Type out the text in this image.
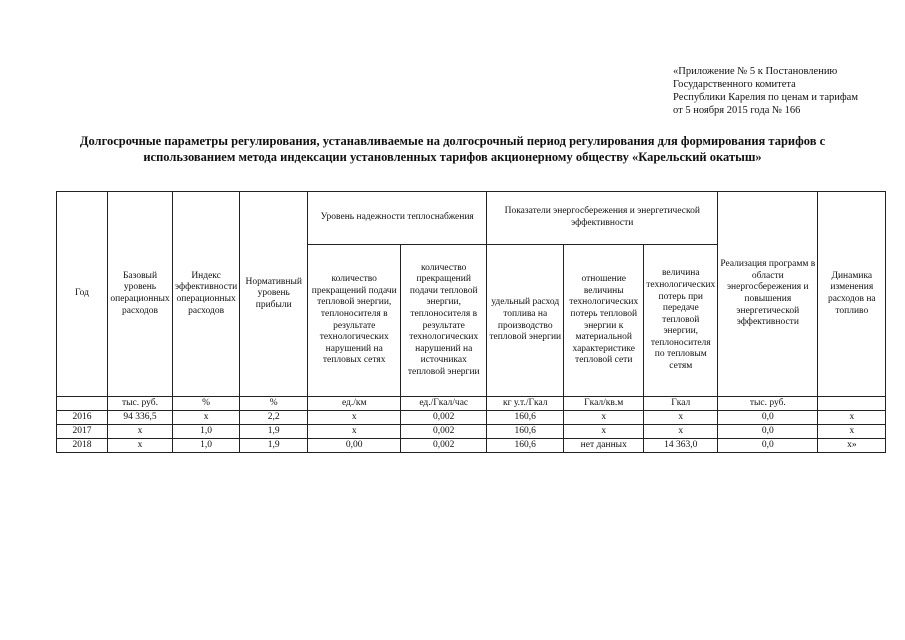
«Приложение № 5 к Постановлению
Государственного комитета
Республики Карелия по ценам и тарифам
от 5 ноября 2015 года № 166
Долгосрочные параметры регулирования, устанавливаемые на долгосрочный период регулирования для формирования тарифов с
использованием метода индексации установленных тарифов акционерному обществу «Карельский окатыш»
Год	Базовый уровень операционных расходов	Индекс эффективности операционных расходов	Нормативный уровень прибыли	Уровень надежности теплоснабжения		Показатели энергосбережения и энергетической эффективности			Реализация программ в области энергосбережения и повышения энергетической эффективности	Динамика изменения расходов на топливо
				количество прекращений подачи тепловой энергии, теплоносителя в результате технологических нарушений на тепловых сетях	количество прекращений подачи тепловой энергии, теплоносителя в результате технологических нарушений на источниках тепловой энергии	удельный расход топлива на производство тепловой энергии	отношение величины технологических потерь тепловой энергии к материальной характеристике тепловой сети	величина технологических потерь при передаче тепловой энергии, теплоносителя по тепловым сетям		
	тыс. руб.	%	%	ед./км	ед./Гкал/час	кг у.т./Гкал	Гкал/кв.м	Гкал	тыс. руб.	
2016	94 336,5	х	2,2	х	0,002	160,6	х	х	0,0	х
2017	х	1,0	1,9	х	0,002	160,6	х	х	0,0	х
2018	х	1,0	1,9	0,00	0,002	160,6	нет данных	14 363,0	0,0	х»
